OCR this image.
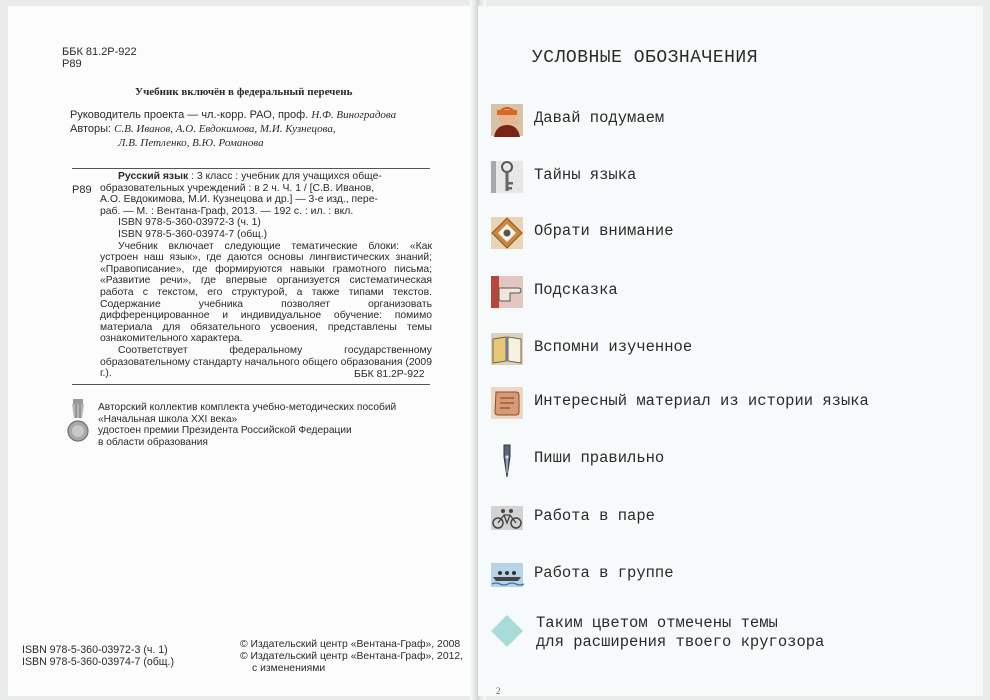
ББК 81.2Р-922
Р89
Учебник включён в федеральный перечень
Руководитель проекта — чл.-корр. РАО, проф. Н.Ф. Виноградова
Авторы: С.В. Иванов, А.О. Евдокимова, М.И. Кузнецова,
Л.В. Петленко, В.Ю. Романова
Р89

Русский язык : 3 класс : учебник для учащихся обще-

образовательных учреждений : в 2 ч. Ч. 1 / [С.В. Иванов,

А.О. Евдокимова, М.И. Кузнецова и др.] — 3-е изд., пере-

раб. — М. : Вентана-Граф, 2013. — 192 с. : ил. : вкл.

ISBN 978-5-360-03972-3 (ч. 1)

ISBN 978-5-360-03974-7 (общ.)

Учебник включает следующие тематические блоки: «Как устроен наш язык», где даются основы лингвистических знаний; «Правописание», где формируются навыки грамотного письма; «Развитие речи», где впервые организуется систематическая работа с текстом, его структурой, а также типами текстов. Содержание учебника позволяет организовать дифференцированное и индивидуальное обучение: помимо материала для обязательного усвоения, представлены темы ознакомительного характера.

Соответствует федеральному государственному образовательному стандарту начального общего образования (2009 г.).	ББК 81.2Р-922
Авторский коллектив комплекта учебно-методических пособий
«Начальная школа XXI века»
удостоен премии Президента Российской Федерации
в области образования
ISBN 978-5-360-03972-3 (ч. 1)
ISBN 978-5-360-03974-7 (общ.)
© Издательский центр «Вентана-Граф», 2008
© Издательский центр «Вентана-Граф», 2012,
с изменениями
УСЛОВНЫЕ ОБОЗНАЧЕНИЯ
Давай подумаем
Тайны языка
Обрати внимание
Подсказка
Вспомни изученное
Интересный материал из истории языка
Пиши правильно
Работа в паре
Работа в группе
Таким цветом отмечены темы
для расширения твоего кругозора
2
